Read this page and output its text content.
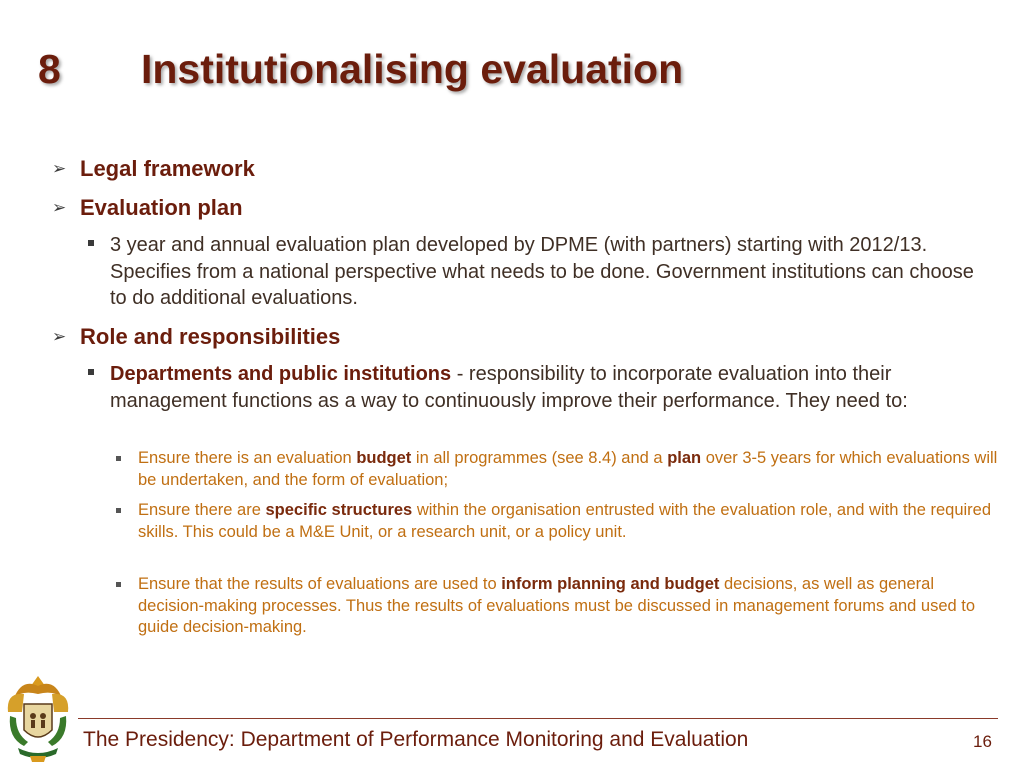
8 Institutionalising evaluation
➢ Legal framework
➢ Evaluation plan
3 year and annual evaluation plan developed by DPME (with partners) starting with 2012/13. Specifies from a national perspective what needs to be done. Government institutions can choose to do additional evaluations.
➢ Role and responsibilities
Departments and public institutions - responsibility to incorporate evaluation into their management functions as a way to continuously improve their performance. They need to:
Ensure there is an evaluation budget in all programmes (see 8.4) and a plan over 3-5 years for which evaluations will be undertaken, and the form of evaluation;
Ensure there are specific structures within the organisation entrusted with the evaluation role, and with the required skills. This could be a M&E Unit, or a research unit, or a policy unit.
Ensure that the results of evaluations are used to inform planning and budget decisions, as well as general decision-making processes. Thus the results of evaluations must be discussed in management forums and used to guide decision-making.
The Presidency: Department of Performance Monitoring and Evaluation	16
